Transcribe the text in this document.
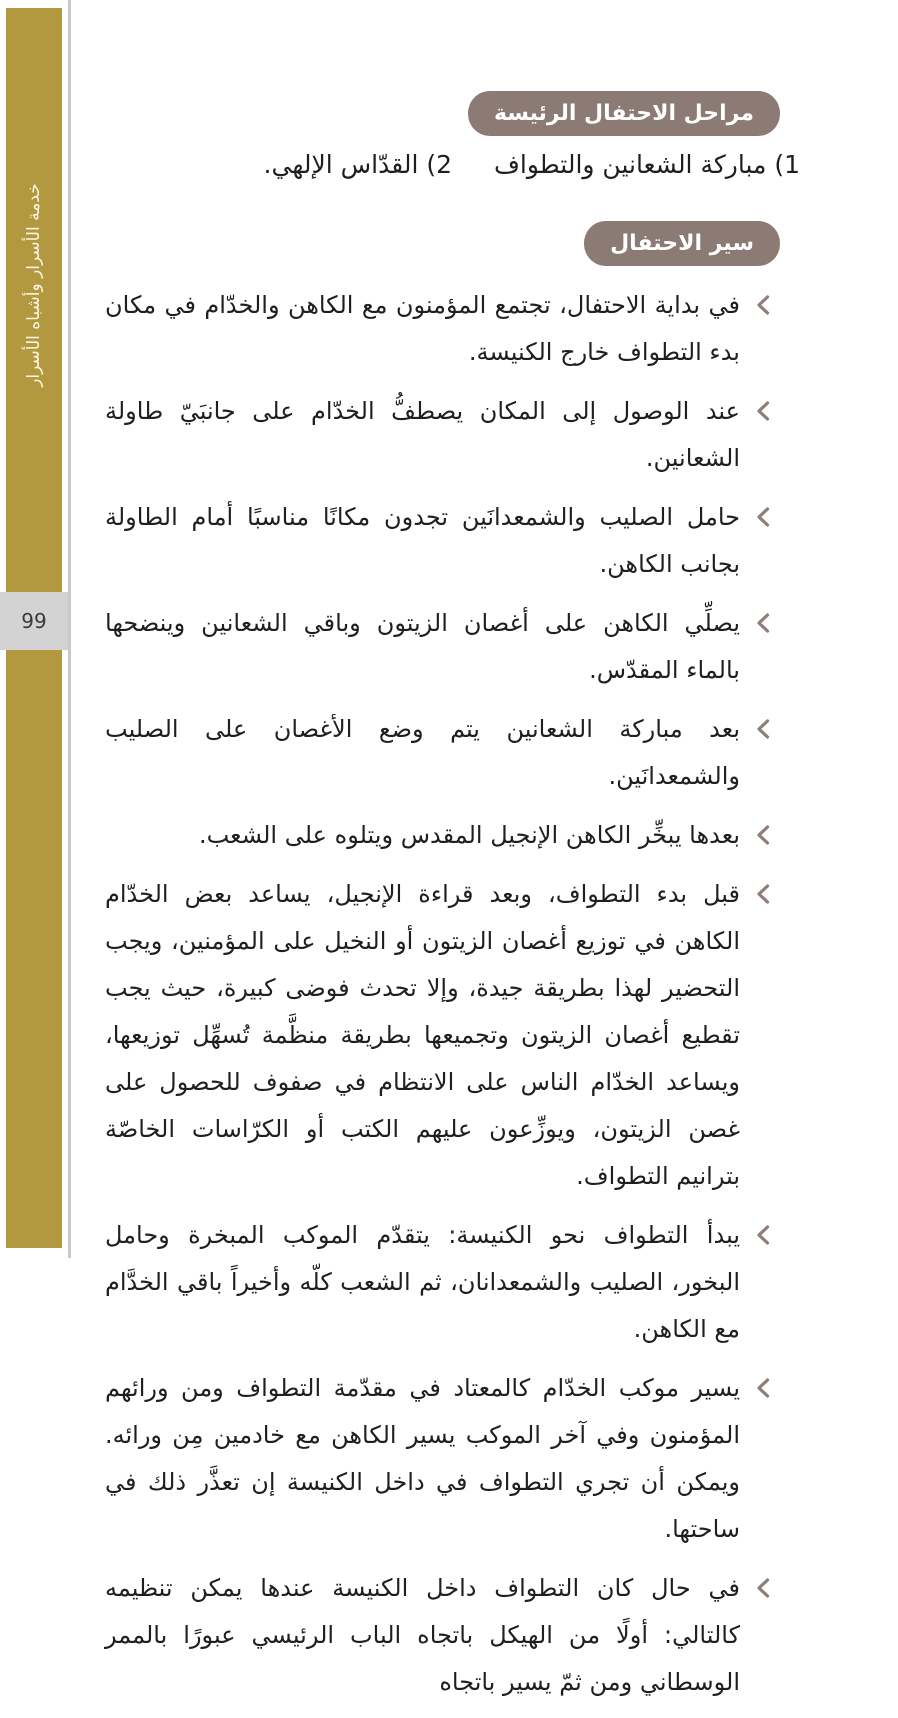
خدمة الأسرار وأشباه الأسرار
99
مراحل الاحتفال الرئيسة
1) مباركة الشعانين والتطواف2) القدّاس الإلهي.
سير الاحتفال
في بداية الاحتفال، تجتمع المؤمنون مع الكاهن والخدّام في مكان بدء التطواف خارج الكنيسة.
عند الوصول إلى المكان يصطفُّ الخدّام على جانبَيّ طاولة الشعانين.
حامل الصليب والشمعدانَين تجدون مكانًا مناسبًا أمام الطاولة بجانب الكاهن.
يصلِّي الكاهن على أغصان الزيتون وباقي الشعانين وينضحها بالماء المقدّس.
بعد مباركة الشعانين يتم وضع الأغصان على الصليب والشمعدانَين.
بعدها يبخِّر الكاهن الإنجيل المقدس ويتلوه على الشعب.
قبل بدء التطواف، وبعد قراءة الإنجيل، يساعد بعض الخدّام الكاهن في توزيع أغصان الزيتون أو النخيل على المؤمنين، ويجب التحضير لهذا بطريقة جيدة، وإلا تحدث فوضى كبيرة، حيث يجب تقطيع أغصان الزيتون وتجميعها بطريقة منظَّمة تُسهِّل توزيعها، ويساعد الخدّام الناس على الانتظام في صفوف للحصول على غصن الزيتون، ويوزِّعون عليهم الكتب أو الكرّاسات الخاصّة بترانيم التطواف.
يبدأ التطواف نحو الكنيسة: يتقدّم الموكب المبخرة وحامل البخور، الصليب والشمعدانان، ثم الشعب كلّه وأخيراً باقي الخدَّام مع الكاهن.
يسير موكب الخدّام كالمعتاد في مقدّمة التطواف ومن ورائهم المؤمنون وفي آخر الموكب يسير الكاهن مع خادمين مِن ورائه. ويمكن أن تجري التطواف في داخل الكنيسة إن تعذَّر ذلك في ساحتها.
في حال كان التطواف داخل الكنيسة عندها يمكن تنظيمه كالتالي: أولًا من الهيكل باتجاه الباب الرئيسي عبورًا بالممر الوسطاني ومن ثمّ يسير باتجاه
